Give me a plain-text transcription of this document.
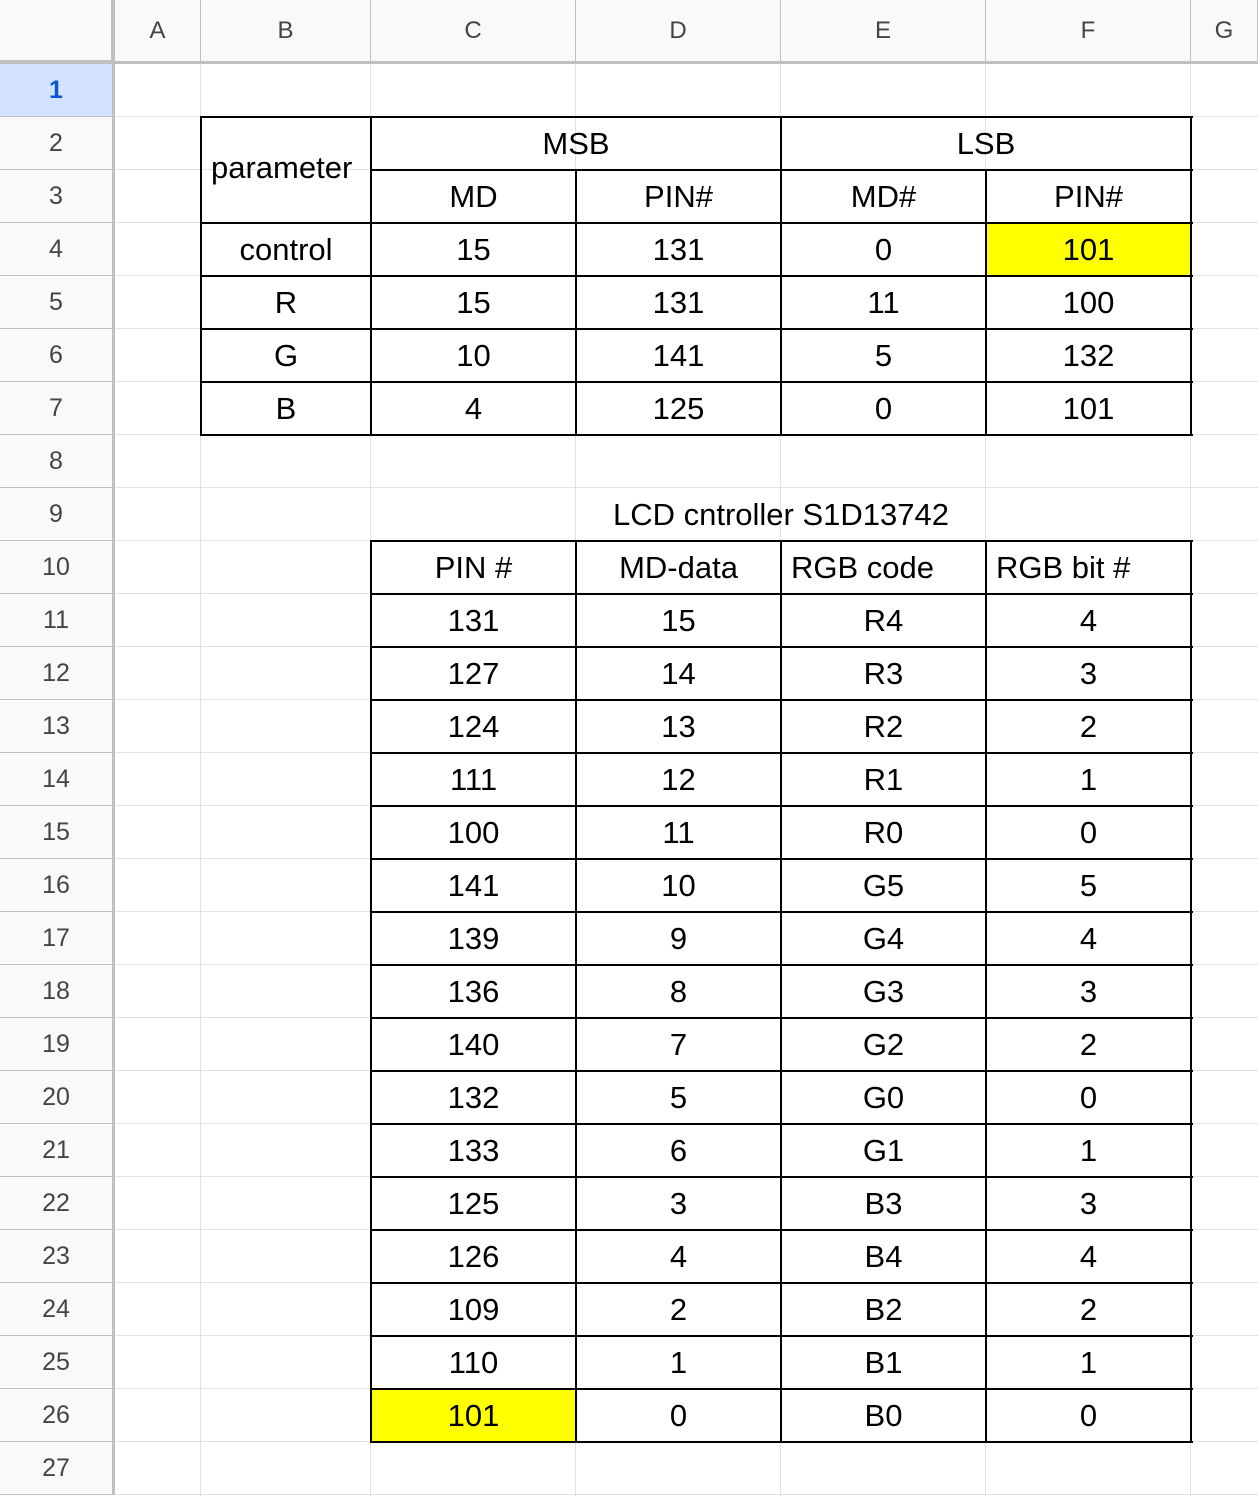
A	B	C	D	E	F	G
1
2
3
4
5
6
7
8
9
10
11
12
13
14
15
16
17
18
19
20
21
22
23
24
25
26
27
parameter
MSB	LSB
MD	PIN#	MD#	PIN#
control	15	131	0	101
R	15	131	11	100
G	10	141	5	132
B	4	125	0	101
LCD cntroller S1D13742
PIN #	MD-data	RGB code	RGB bit #
131	15	R4	4
127	14	R3	3
124	13	R2	2
111	12	R1	1
100	11	R0	0
141	10	G5	5
139	9	G4	4
136	8	G3	3
140	7	G2	2
132	5	G0	0
133	6	G1	1
125	3	B3	3
126	4	B4	4
109	2	B2	2
110	1	B1	1
101	0	B0	0
